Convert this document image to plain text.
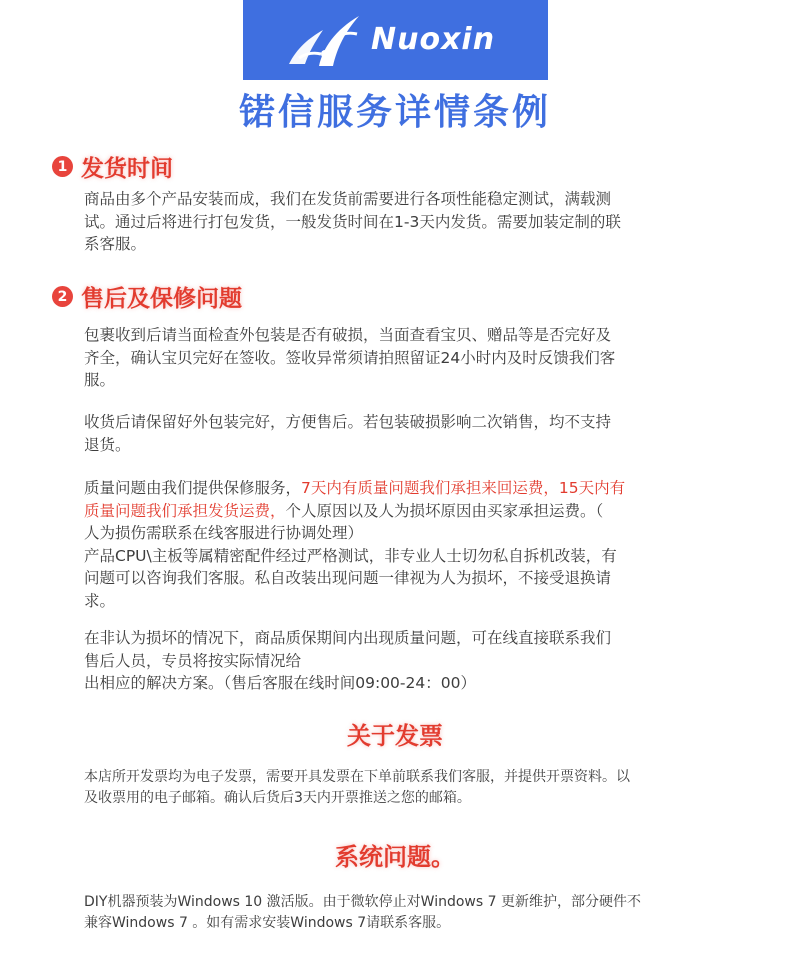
Nuoxin
锘信服务详情条例
1 发货时间
商品由多个产品安装而成，我们在发货前需要进行各项性能稳定测试，满载测
试。通过后将进行打包发货，一般发货时间在1-3天内发货。需要加装定制的联
系客服。
2 售后及保修问题
包裹收到后请当面检查外包装是否有破损，当面查看宝贝、赠品等是否完好及
齐全，确认宝贝完好在签收。签收异常须请拍照留证24小时内及时反馈我们客
服。
收货后请保留好外包装完好，方便售后。若包装破损影响二次销售，均不支持
退货。
质量问题由我们提供保修服务，7天内有质量问题我们承担来回运费，15天内有
质量问题我们承担发货运费，个人原因以及人为损坏原因由买家承担运费。（
人为损伤需联系在线客服进行协调处理）
产品CPU\主板等属精密配件经过严格测试，非专业人士切勿私自拆机改装，有
问题可以咨询我们客服。私自改装出现问题一律视为人为损坏，不接受退换请
求。
在非认为损坏的情况下，商品质保期间内出现质量问题，可在线直接联系我们
售后人员，专员将按实际情况给
出相应的解决方案。（售后客服在线时间09:00-24：00）
关于发票
本店所开发票均为电子发票，需要开具发票在下单前联系我们客服，并提供开票资料。以
及收票用的电子邮箱。确认后货后3天内开票推送之您的邮箱。
系统问题。
DIY机器预装为Windows 10 激活版。由于微软停止对Windows 7 更新维护，部分硬件不
兼容Windows 7 。如有需求安装Windows 7请联系客服。
